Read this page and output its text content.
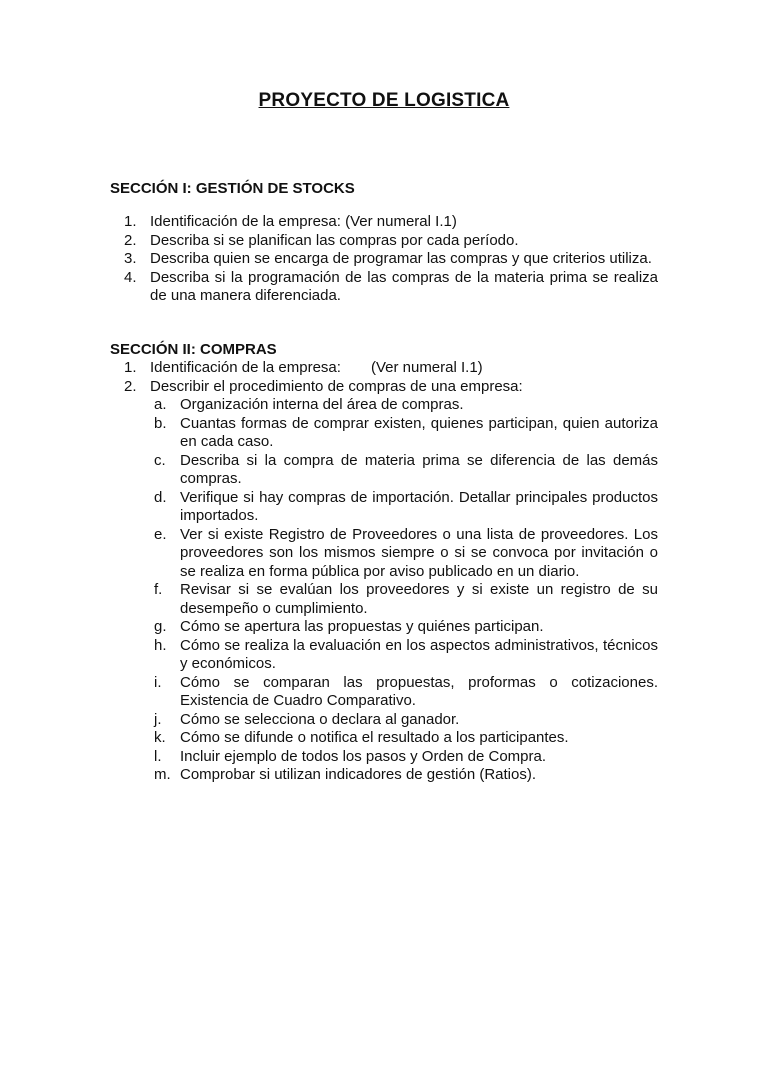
PROYECTO DE LOGISTICA
SECCIÓN I: GESTIÓN DE STOCKS
1. Identificación de la empresa: (Ver numeral I.1)
2. Describa si se planifican las compras por cada período.
3. Describa quien se encarga de programar las compras y que criterios utiliza.
4. Describa si la programación de las compras de la materia prima se realiza de una manera diferenciada.
SECCIÓN II: COMPRAS
1. Identificación de la empresa: (Ver numeral I.1)
2. Describir el procedimiento de compras de una empresa:
a. Organización interna del área de compras.
b. Cuantas formas de comprar existen, quienes participan, quien autoriza en cada caso.
c. Describa si la compra de materia prima se diferencia de las demás compras.
d. Verifique si hay compras de importación. Detallar principales productos importados.
e. Ver si existe Registro de Proveedores o una lista de proveedores. Los proveedores son los mismos siempre o si se convoca por invitación o se realiza en forma pública por aviso publicado en un diario.
f. Revisar si se evalúan los proveedores y si existe un registro de su desempeño o cumplimiento.
g. Cómo se apertura las propuestas y quiénes participan.
h. Cómo se realiza la evaluación en los aspectos administrativos, técnicos y económicos.
i. Cómo se comparan las propuestas, proformas o cotizaciones. Existencia de Cuadro Comparativo.
j. Cómo se selecciona o declara al ganador.
k. Cómo se difunde o notifica el resultado a los participantes.
l. Incluir ejemplo de todos los pasos y Orden de Compra.
m. Comprobar si utilizan indicadores de gestión (Ratios).
